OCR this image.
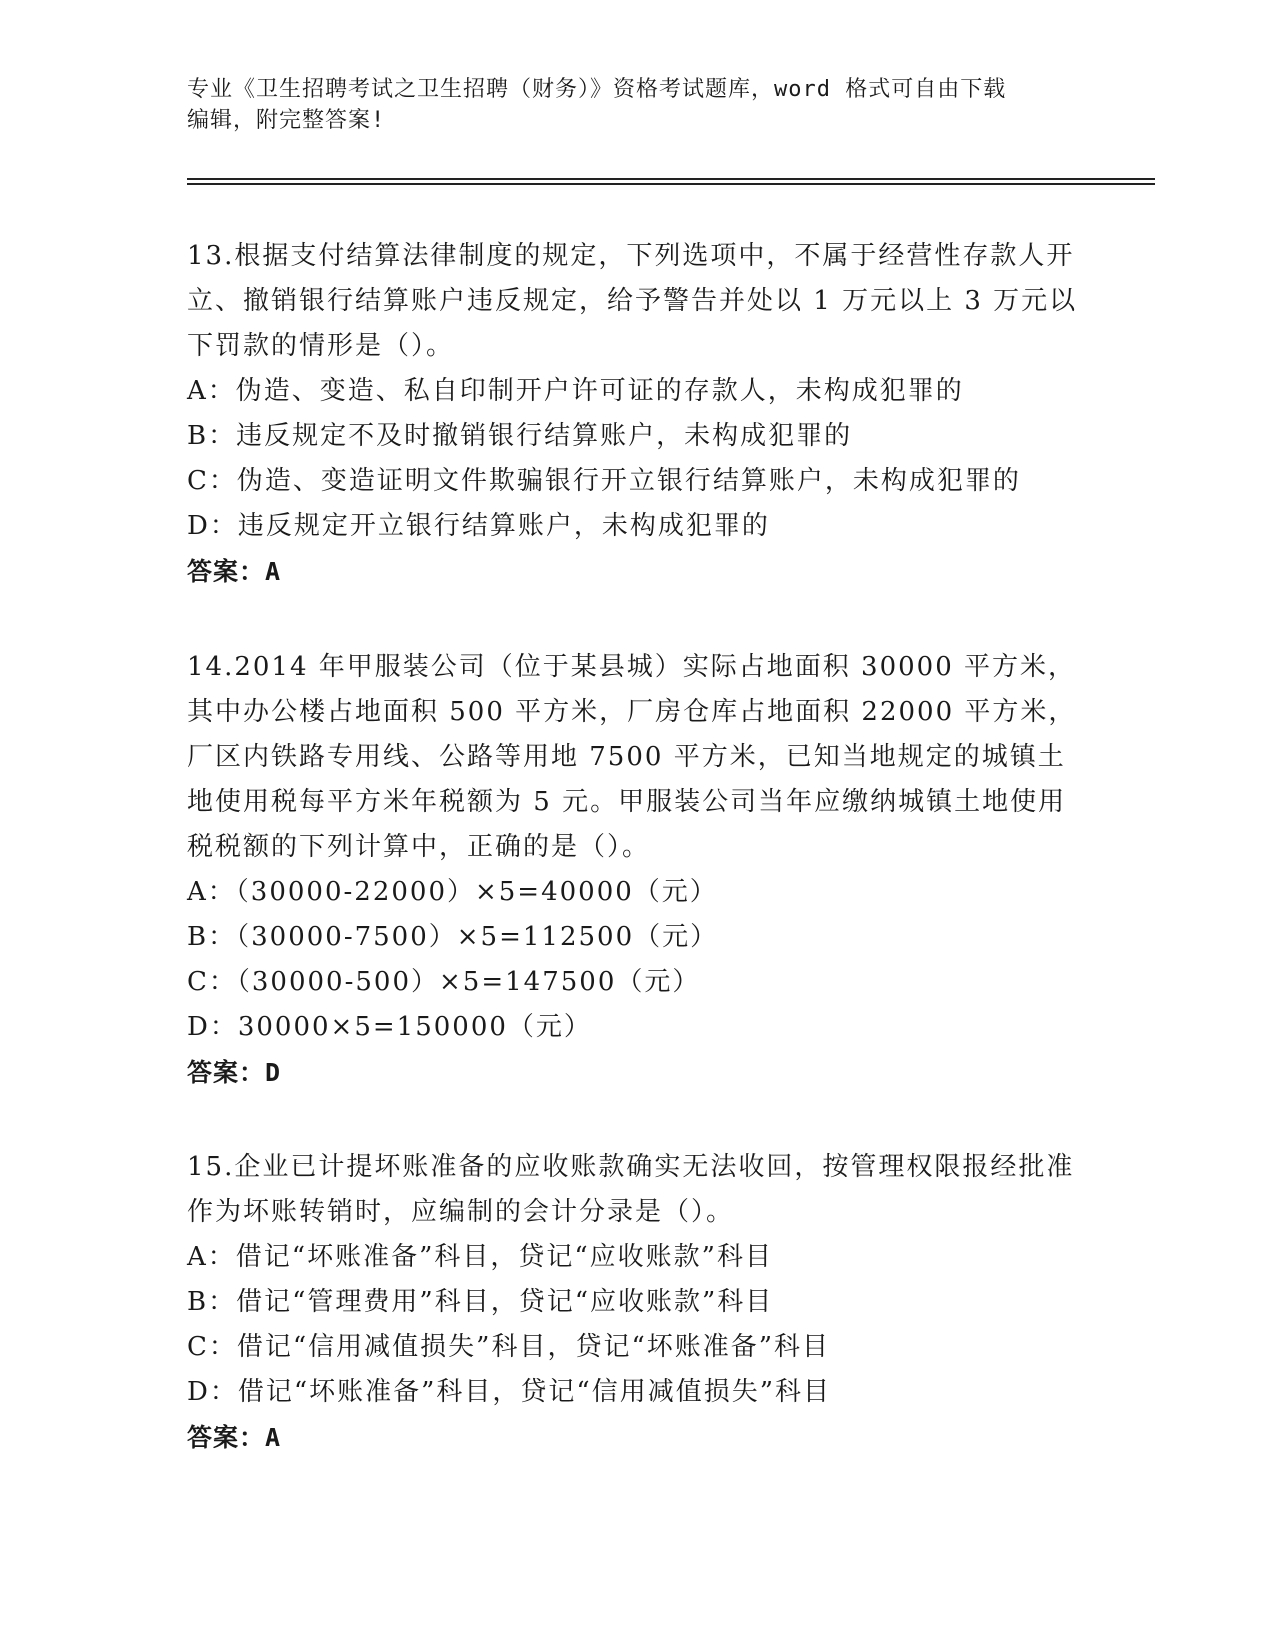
专业《卫生招聘考试之卫生招聘（财务）》资格考试题库，word 格式可自由下载
编辑，附完整答案!
13.根据支付结算法律制度的规定，下列选项中，不属于经营性存款人开立、撤销银行结算账户违反规定，给予警告并处以 1 万元以上 3 万元以下罚款的情形是（）。
A：伪造、变造、私自印制开户许可证的存款人，未构成犯罪的
B：违反规定不及时撤销银行结算账户，未构成犯罪的
C：伪造、变造证明文件欺骗银行开立银行结算账户，未构成犯罪的
D：违反规定开立银行结算账户，未构成犯罪的
答案：A
14.2014 年甲服装公司（位于某县城）实际占地面积 30000 平方米，其中办公楼占地面积 500 平方米，厂房仓库占地面积 22000 平方米，厂区内铁路专用线、公路等用地 7500 平方米，已知当地规定的城镇土地使用税每平方米年税额为 5 元。甲服装公司当年应缴纳城镇土地使用税税额的下列计算中，正确的是（）。
A：（30000-22000）×5=40000（元）
B：（30000-7500）×5=112500（元）
C：（30000-500）×5=147500（元）
D：30000×5=150000（元）
答案：D
15.企业已计提坏账准备的应收账款确实无法收回，按管理权限报经批准作为坏账转销时，应编制的会计分录是（）。
A：借记“坏账准备”科目，贷记“应收账款”科目
B：借记“管理费用”科目，贷记“应收账款”科目
C：借记“信用减值损失”科目，贷记“坏账准备”科目
D：借记“坏账准备”科目，贷记“信用减值损失”科目
答案：A
